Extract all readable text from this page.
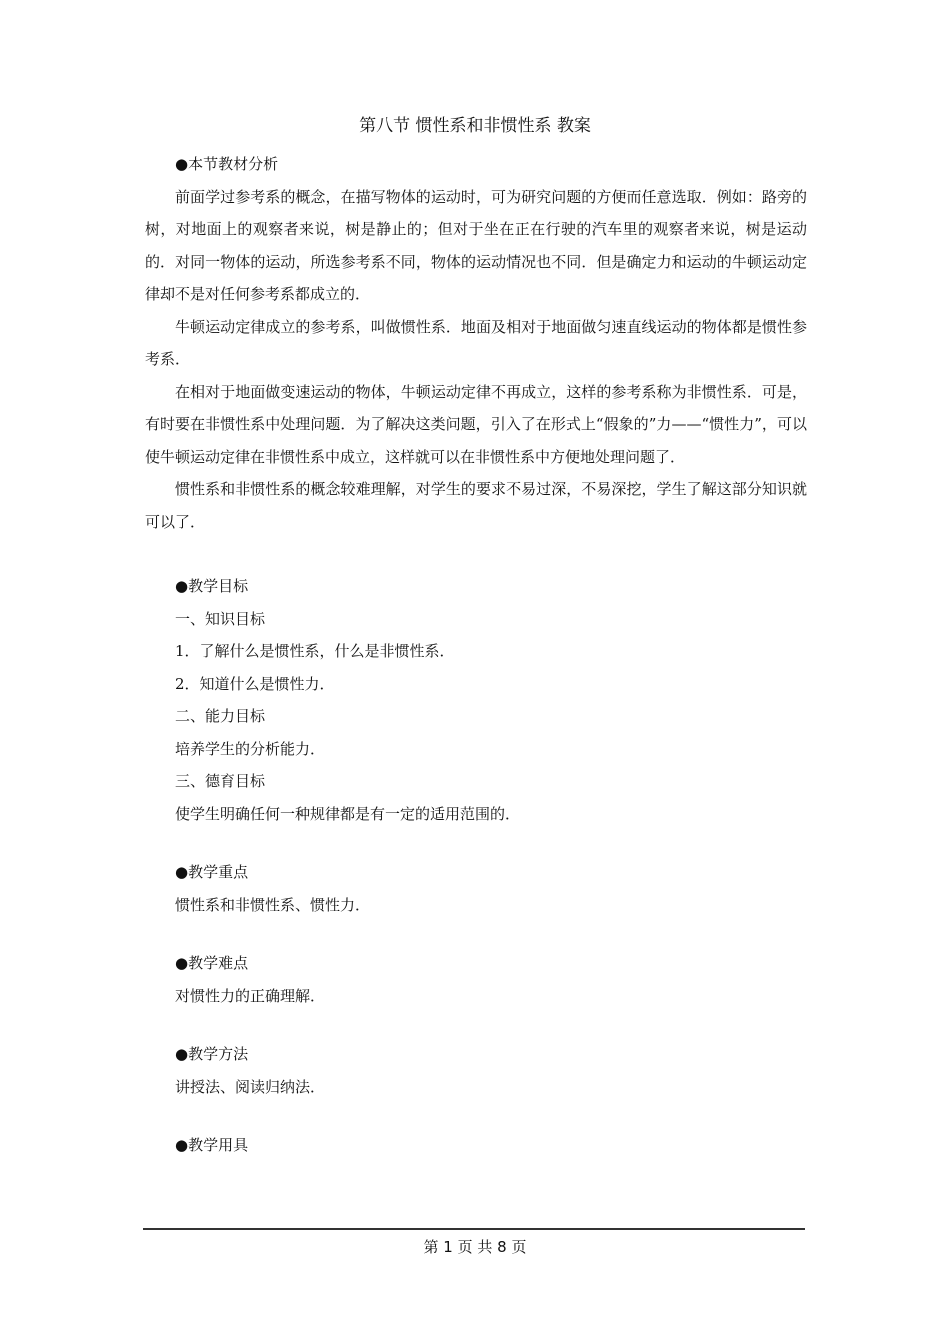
第八节 惯性系和非惯性系 教案

●本节教材分析

前面学过参考系的概念，在描写物体的运动时，可为研究问题的方便而任意选取．例如：路旁的树，对地面上的观察者来说，树是静止的；但对于坐在正在行驶的汽车里的观察者来说，树是运动的．对同一物体的运动，所选参考系不同，物体的运动情况也不同．但是确定力和运动的牛顿运动定律却不是对任何参考系都成立的．

牛顿运动定律成立的参考系，叫做惯性系．地面及相对于地面做匀速直线运动的物体都是惯性参考系．

在相对于地面做变速运动的物体，牛顿运动定律不再成立，这样的参考系称为非惯性系．可是，有时要在非惯性系中处理问题．为了解决这类问题，引入了在形式上“假象的”力——“惯性力”，可以使牛顿运动定律在非惯性系中成立，这样就可以在非惯性系中方便地处理问题了．

惯性系和非惯性系的概念较难理解，对学生的要求不易过深，不易深挖，学生了解这部分知识就可以了．

●教学目标

一、知识目标

1．了解什么是惯性系，什么是非惯性系．

2．知道什么是惯性力．

二、能力目标

培养学生的分析能力．

三、德育目标

使学生明确任何一种规律都是有一定的适用范围的．

●教学重点

惯性系和非惯性系、惯性力．

●教学难点

对惯性力的正确理解．

●教学方法

讲授法、阅读归纳法．

●教学用具

第 1 页 共 8 页
